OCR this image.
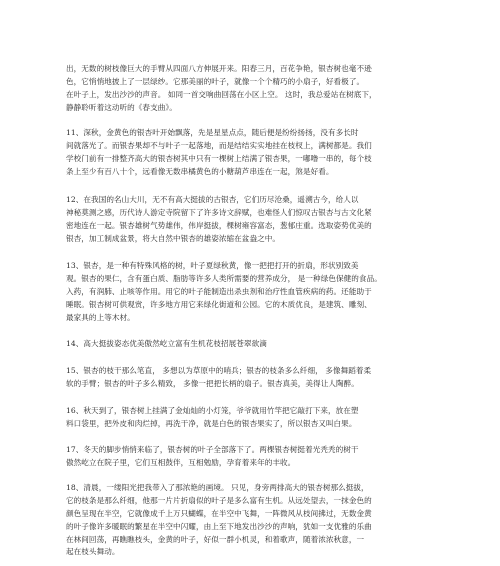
出，无数的树枝像巨大的手臂从四面八方伸展开来。阳春三月，百花争艳，银杏树也毫不逊
色，它悄悄地披上了一层绿纱。它那美丽的叶子，就像一个个精巧的小扇子，好看极了。
在叶子上，发出沙沙的声音。 如同一首交响曲回荡在小区上空。 这时，我总爱站在树底下，
静静聆听着这动听的《春支曲》。
11、深秋，金黄色的银杏叶开始飘落，先是星星点点，随后便是纷纷扬扬，没有多长时
间就落光了。而银杏果却不与叶子一起落地，而是结结实实地挂在枝杈上，满树都是。我们
学校门前有一排整齐高大的银杏树其中只有一棵树上结满了银杏果，一嘟噜一串的，每个枝
条上至少有百八十个，远看像无数串橘黄色的小糖葫芦串连在一起，煞是好看。
12、在我国的名山大川，无不有高大挺拔的古银杏，它们历尽沧桑，遥溯古今，给人以
神秘莫测之感，历代诗人游定寺院留下了许多诗文辞赋，也难怪人们惊叹古银杏与古文化紧
密地连在一起。银杏雄树气势雄伟，伟岸挺拔，棵树雍容富态，葱郁庄重。选取姿势优美的
银杏，加工制成盆景，将大自然中银杏的雄姿浓缩在盆盎之中。
13、银杏，是一种有特殊风格的树，叶子夏绿秋黄，像一把把打开的折扇，形状别致美
观。银杏的果仁，含有蛋白质、脂肪等许多人类所需要的营养成分， 是一种绿色保健的食品。
入药，有润肺、止咳等作用。用它的叶子能制造出杀虫剂和治疗性血管疾病的药。还能助于
睡眠。银杏树可供观赏，许多地方用它来绿化街道和公园。它的木质优良，是建筑、雕刻、
最家具的上等木材。
14、高大挺拔姿态优美傲然屹立富有生机花枝招展苍翠欲滴
15、银杏的枝干那么笔直， 多想以为草原中的哨兵；银杏的枝条多么纤细， 多像舞蹈着柔
软的手臂；银杏的叶子多么精致， 多像一把把长柄的扇子。银杏真美，美得让人陶醉。
16、秋天到了，银杏树上挂满了金灿灿的小灯笼，爷爷就用竹竿把它敲打下来，放在塑
料口袋里，把外皮和肉烂掉，再洗干净，就是白色的银杏果实了，所以银杏又叫白果。
17、冬天的脚步悄悄来临了，银杏树的叶子全部落下了。两棵银杏树挺着光秃秃的树干
傲然屹立在院子里，它们互相鼓伴，互相勉励，孕育着来年的丰收。
18、清晨，一缕阳光把我带入了那浓艳的画境。 只见，身旁两排高大的银杏树那么挺拔，
它的枝条是那么纤细，他那一片片折扇似的叶子是多么富有生机。从远处望去，一抹金色的
颜色呈现在半空，它就像成千上万只蝴蝶，在半空中飞舞，一阵微风从枝间拂过，无数金黄
的叶子像许多暖眠的繁星在半空中闪耀，由上至下地发出沙沙的声响，犹如一支优雅的乐曲
在林间回荡，再瞧瞧枝头，金黄的叶子，好似一群小机灵，和着歌声，随着浓浓秋意，一
起在枝头舞动。
